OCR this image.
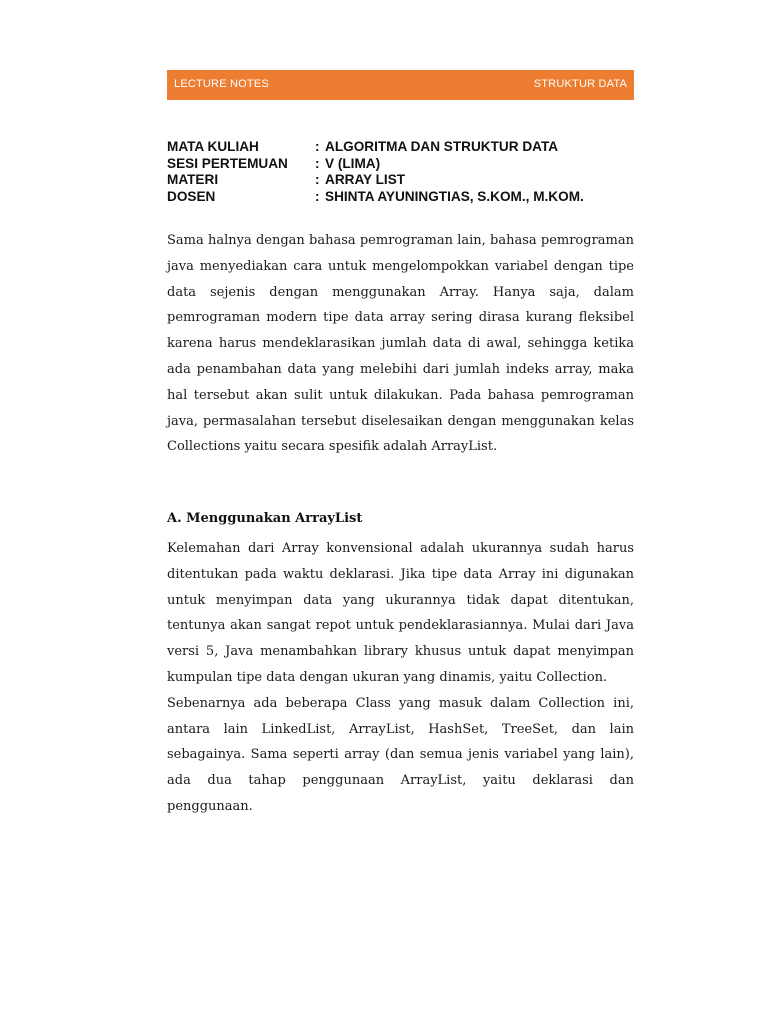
LECTURE NOTES	STRUKTUR DATA
MATA KULIAH	: ALGORITMA DAN STRUKTUR DATA
SESI PERTEMUAN	: V (LIMA)
MATERI	: ARRAY LIST
DOSEN	: SHINTA AYUNINGTIAS, S.KOM., M.KOM.

Sama halnya dengan bahasa pemrograman lain, bahasa pemrograman java menyediakan cara untuk mengelompokkan variabel dengan tipe data sejenis dengan menggunakan Array. Hanya saja, dalam pemrograman modern tipe data array sering dirasa kurang fleksibel karena harus mendeklarasikan jumlah data di awal, sehingga ketika ada penambahan data yang melebihi dari jumlah indeks array, maka hal tersebut akan sulit untuk dilakukan. Pada bahasa pemrograman java, permasalahan tersebut diselesaikan dengan menggunakan kelas Collections yaitu secara spesifik adalah ArrayList.

A. Menggunakan ArrayList

Kelemahan dari Array konvensional adalah ukurannya sudah harus ditentukan pada waktu deklarasi. Jika tipe data Array ini digunakan untuk menyimpan data yang ukurannya tidak dapat ditentukan, tentunya akan sangat repot untuk pendeklarasiannya. Mulai dari Java versi 5, Java menambahkan library khusus untuk dapat menyimpan kumpulan tipe data dengan ukuran yang dinamis, yaitu Collection.

Sebenarnya ada beberapa Class yang masuk dalam Collection ini, antara lain LinkedList, ArrayList, HashSet, TreeSet, dan lain sebagainya. Sama seperti array (dan semua jenis variabel yang lain), ada dua tahap penggunaan ArrayList, yaitu deklarasi dan penggunaan.
